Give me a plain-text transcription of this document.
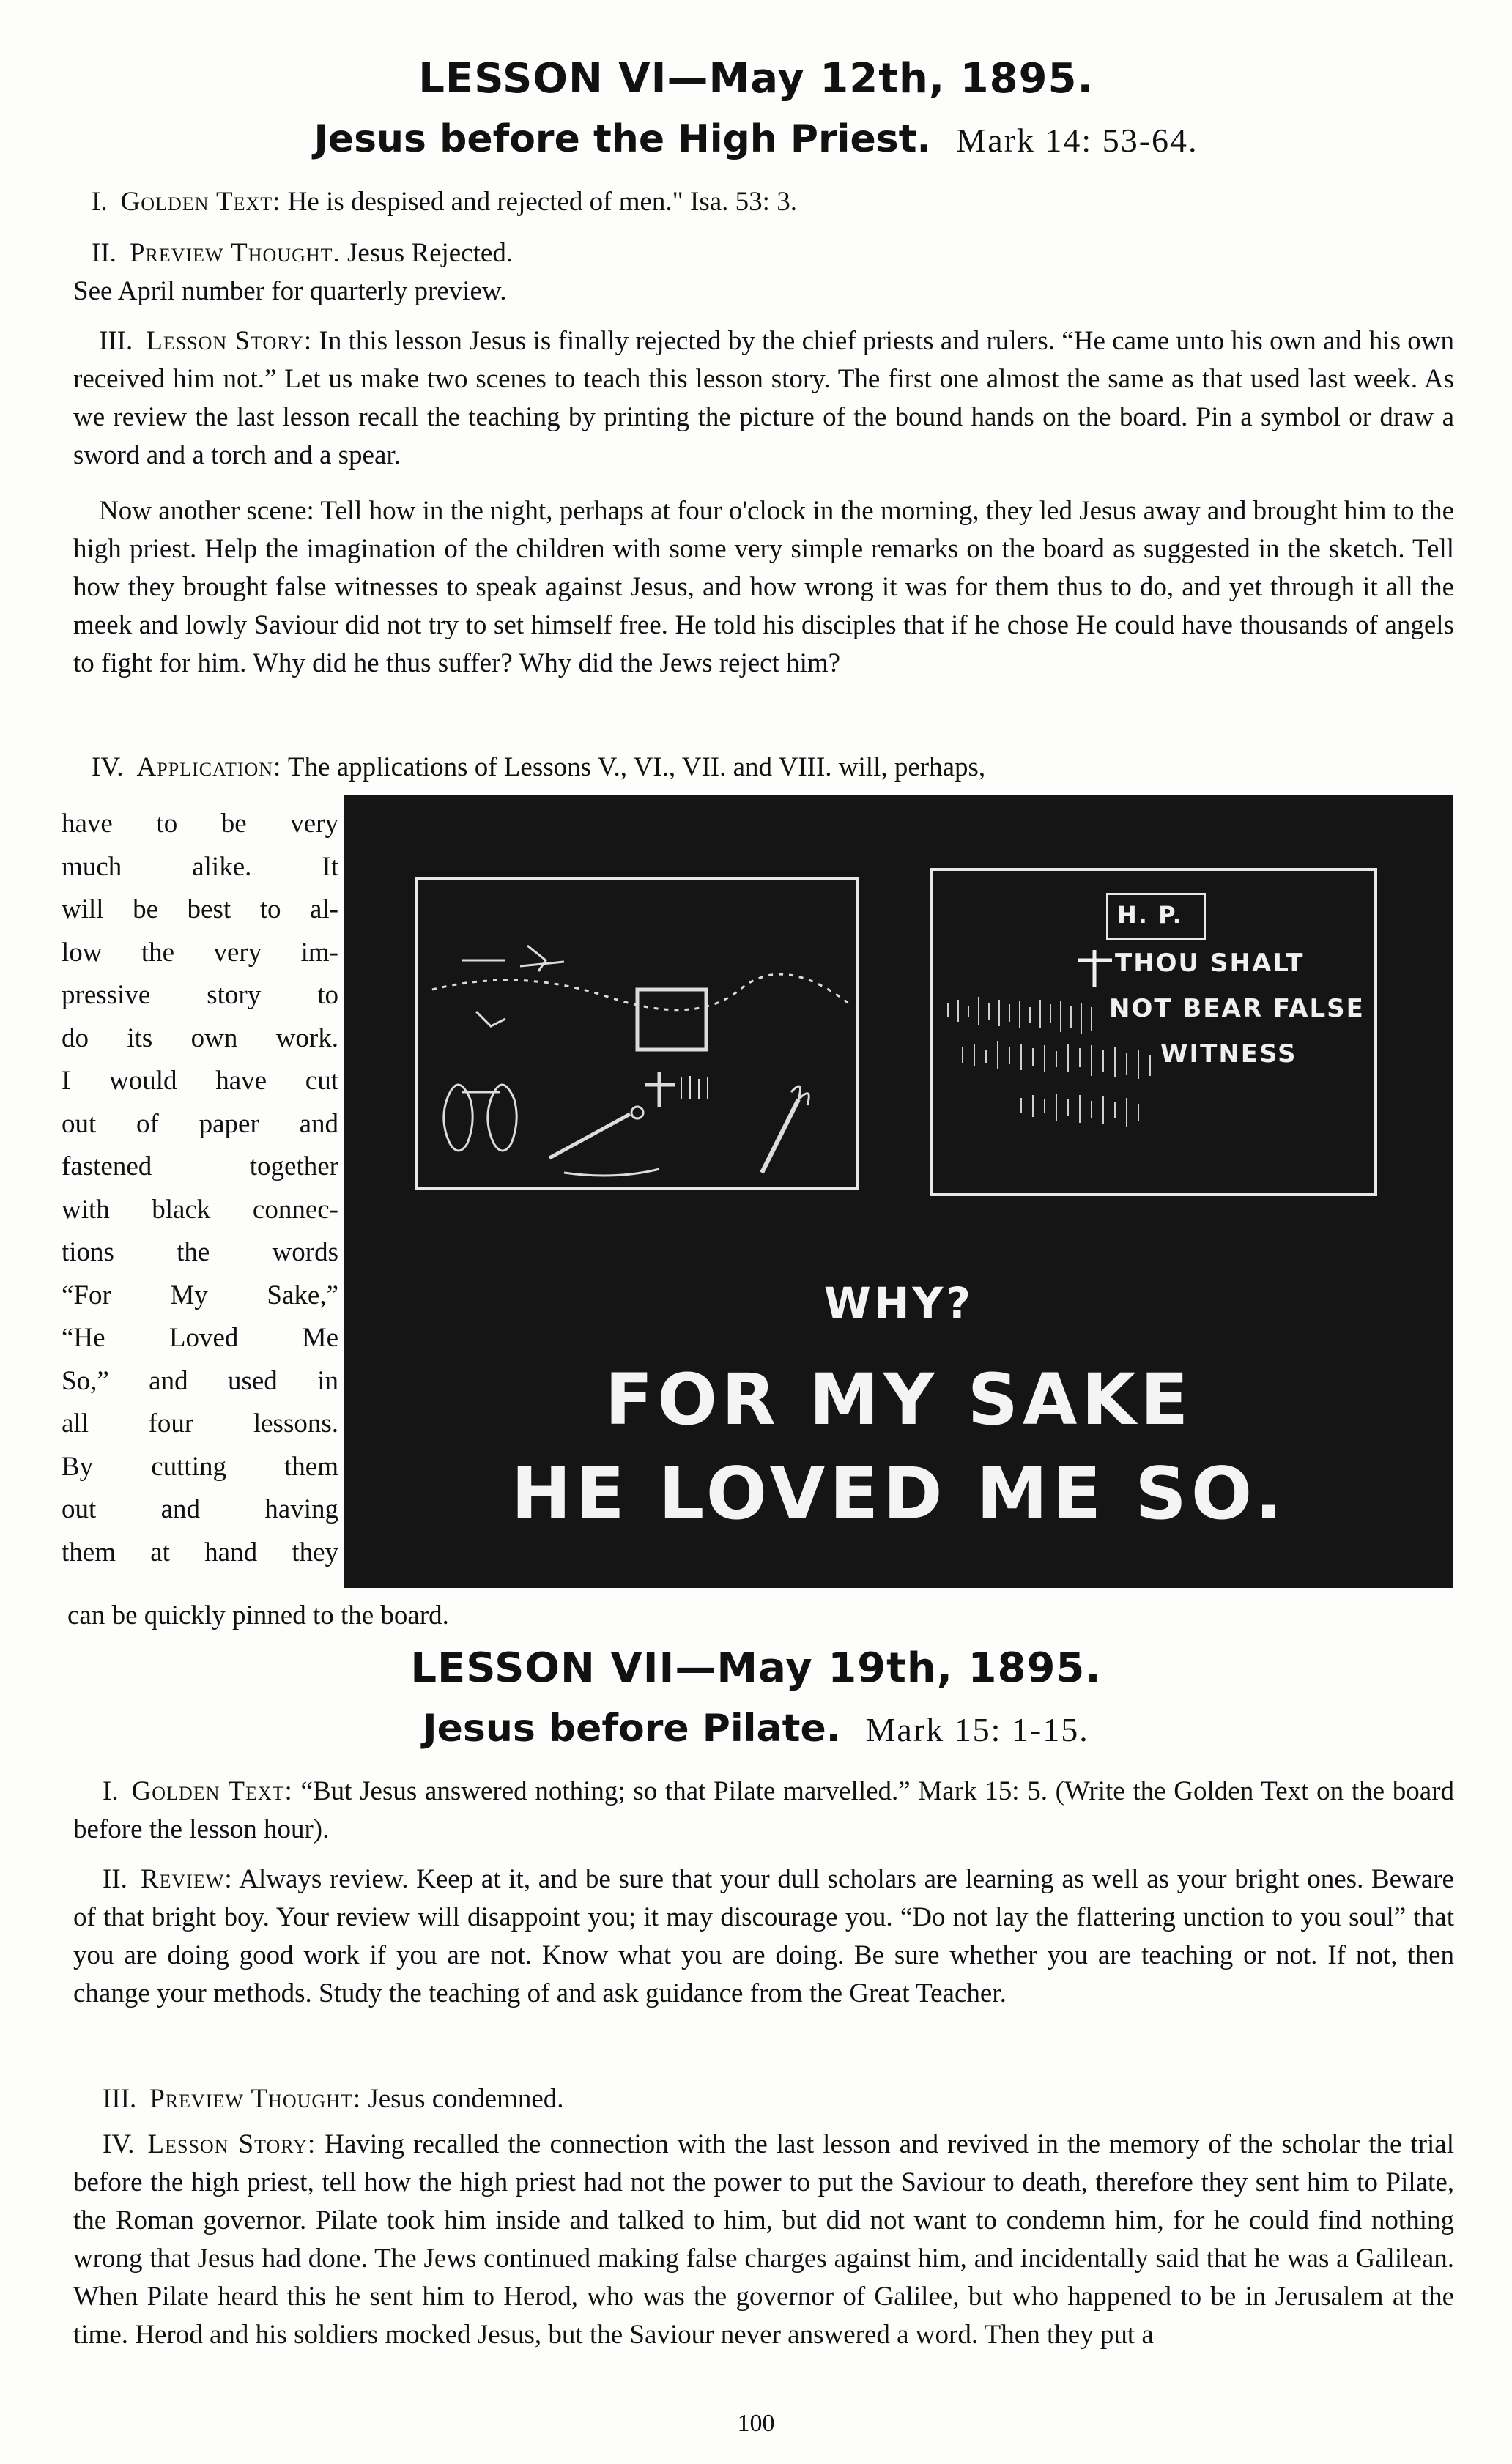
LESSON VI—May 12th, 1895.
Jesus before the High Priest. Mark 14: 53-64.

I. Golden Text: He is despised and rejected of men." Isa. 53: 3.

II. Preview Thought. Jesus Rejected.

See April number for quarterly preview.

III. Lesson Story: In this lesson Jesus is finally rejected by the chief priests and rulers. “He came unto his own and his own received him not.” Let us make two scenes to teach this lesson story. The first one almost the same as that used last week. As we review the last lesson recall the teaching by printing the picture of the bound hands on the board. Pin a symbol or draw a sword and a torch and a spear.

Now another scene: Tell how in the night, perhaps at four o'clock in the morning, they led Jesus away and brought him to the high priest. Help the imagination of the children with some very simple remarks on the board as suggested in the sketch. Tell how they brought false witnesses to speak against Jesus, and how wrong it was for them thus to do, and yet through it all the meek and lowly Saviour did not try to set himself free. He told his disciples that if he chose He could have thousands of angels to fight for him. Why did he thus suffer? Why did the Jews reject him?

IV. Application: The applications of Lessons V., VI., VII. and VIII. will, perhaps,

have to be very
much alike. It
will be best to al-
low the very im-
pressive story to
do its own work.
I would have cut
out of paper and
fastened together
with black connec-
tions the words
“For My Sake,”
“He Loved Me
So,” and used in
all four lessons.
By cutting them
out and having
them at hand they

can be quickly pinned to the board.

H. P.
THOU SHALT
NOT BEAR FALSE
WITNESS
WHY?
FOR MY SAKE
HE LOVED ME SO.
LESSON VII—May 19th, 1895.
Jesus before Pilate. Mark 15: 1-15.

I. Golden Text: “But Jesus answered nothing; so that Pilate marvelled.” Mark 15: 5. (Write the Golden Text on the board before the lesson hour).

II. Review: Always review. Keep at it, and be sure that your dull scholars are learning as well as your bright ones. Beware of that bright boy. Your review will disappoint you; it may discourage you. “Do not lay the flattering unction to you soul” that you are doing good work if you are not. Know what you are doing. Be sure whether you are teaching or not. If not, then change your methods. Study the teaching of and ask guidance from the Great Teacher.

III. Preview Thought: Jesus condemned.

IV. Lesson Story: Having recalled the connection with the last lesson and revived in the memory of the scholar the trial before the high priest, tell how the high priest had not the power to put the Saviour to death, therefore they sent him to Pilate, the Roman governor. Pilate took him inside and talked to him, but did not want to condemn him, for he could find nothing wrong that Jesus had done. The Jews continued making false charges against him, and incidentally said that he was a Galilean. When Pilate heard this he sent him to Herod, who was the governor of Galilee, but who happened to be in Jerusalem at the time. Herod and his soldiers mocked Jesus, but the Saviour never answered a word. Then they put a

100
